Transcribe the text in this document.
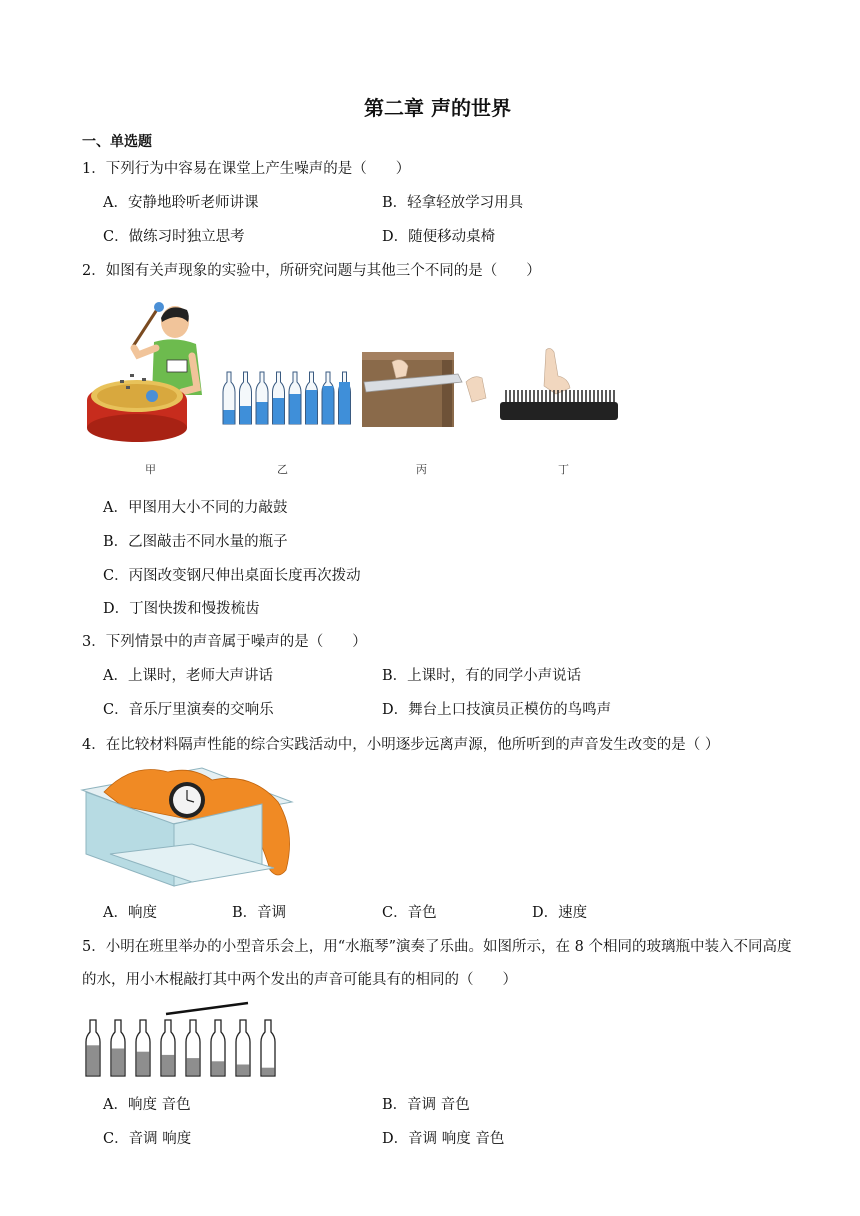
第二章 声的世界
一、单选题
1．下列行为中容易在课堂上产生噪声的是（　　）
A．安静地聆听老师讲课	B．轻拿轻放学习用具
C．做练习时独立思考	D．随便移动桌椅
2．如图有关声现象的实验中，所研究问题与其他三个不同的是（　　）
甲	乙	丙	丁
A．甲图用大小不同的力敲鼓
B．乙图敲击不同水量的瓶子
C．丙图改变钢尺伸出桌面长度再次拨动
D．丁图快拨和慢拨梳齿
3．下列情景中的声音属于噪声的是（　　）
A．上课时，老师大声讲话	B．上课时，有的同学小声说话
C．音乐厅里演奏的交响乐	D．舞台上口技演员正模仿的鸟鸣声
4．在比较材料隔声性能的综合实践活动中，小明逐步远离声源，他所听到的声音发生改变的是（ ）
A．响度	B．音调	C．音色	D．速度
5．小明在班里举办的小型音乐会上，用“水瓶琴”演奏了乐曲。如图所示，在 8 个相同的玻璃瓶中装入不同高度
的水，用小木棍敲打其中两个发出的声音可能具有的相同的（　　）
A．响度 音色	B．音调 音色
C．音调 响度	D．音调 响度 音色
